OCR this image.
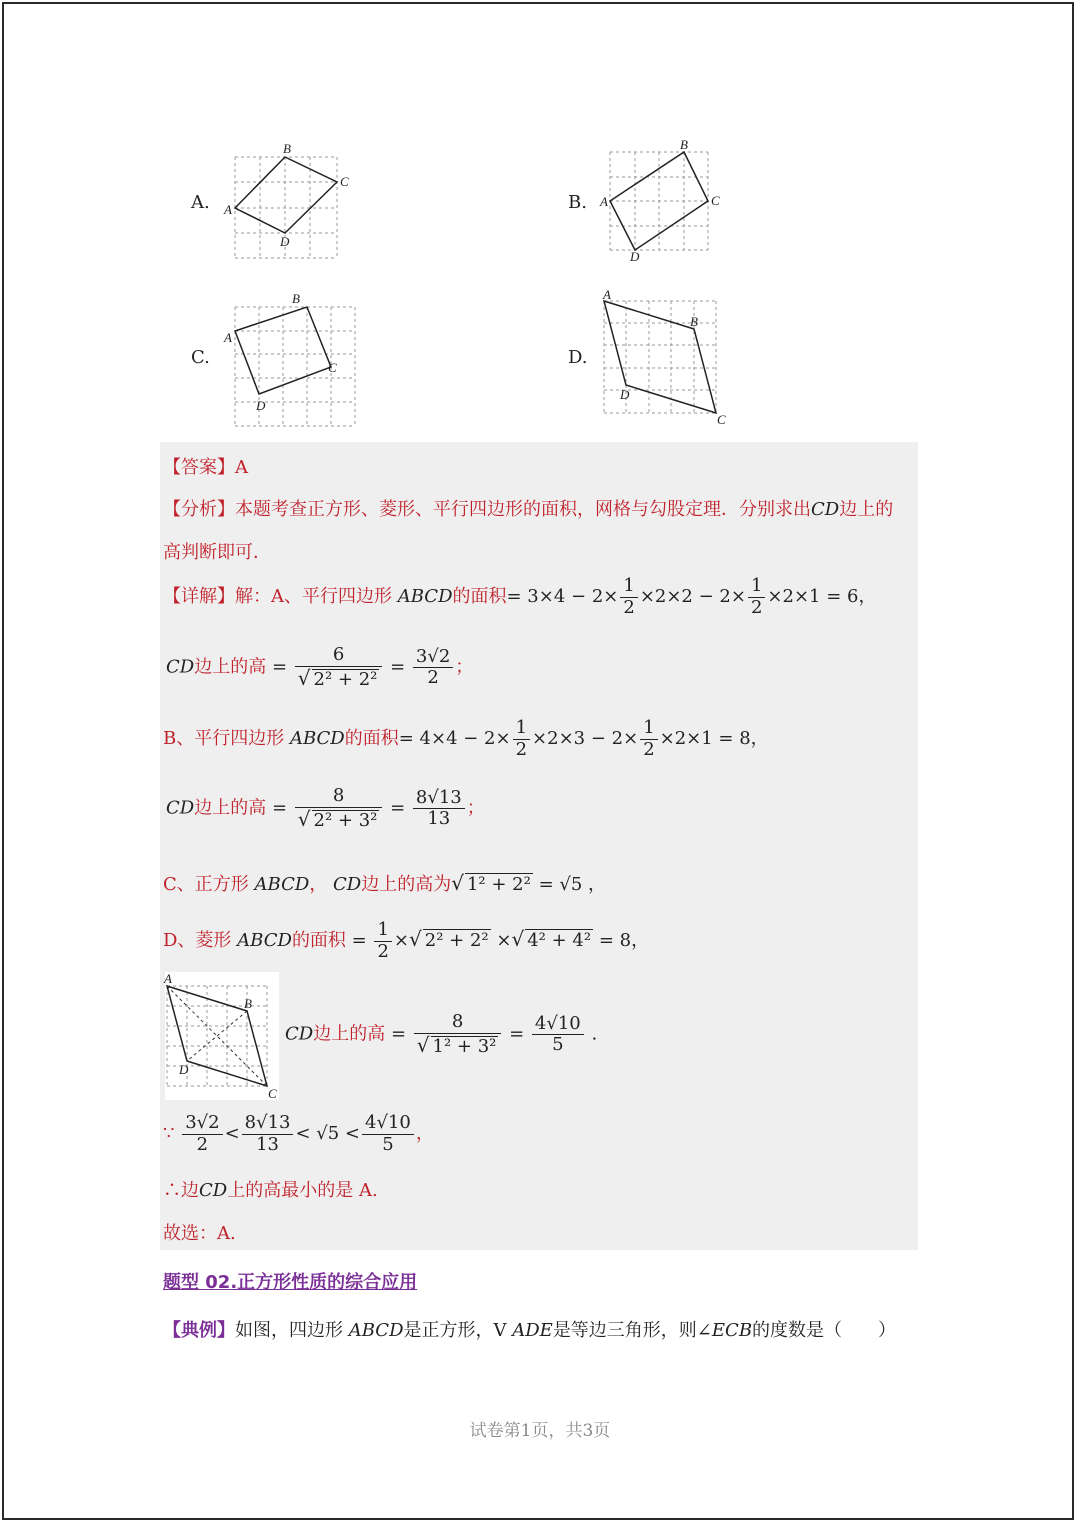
A. A
B
C
D
B. A
B
C
D
C.
A
B
C
D
D.
A
B
C
D
【答案】A
【分析】本题考查正方形、菱形、平行四边形的面积，网格与勾股定理．分别求出CD边上的
高判断即可．
【详解】解：A、平行四边形 ABCD的面积= $3\times 4 - 2\times \frac{1}{2} \times 2\times 2 - 2\times \frac{1}{2} \times 2\times 1 = 6$，
CD边上的高 = $\frac{6}{\text{√ 2² + 2²}} = \frac{3√2}{2}$ ；
B、平行四边形 ABCD的面积= $4\times 4 - 2\times \frac{1}{2} \times 2\times 3 - 2\times \frac{1}{2} \times 2\times 1 = 8$，
CD边上的高 = $\frac{8}{\text{√ 2² + 3²}} = \frac{8√13}{13}$ ；
C、正方形 ABCD， CD边上的高为√ 1² + 2² = √5 ，
D、菱形 ABCD的面积 = $\frac{1}{2}$ ×√ 2² + 2² ×√ 4² + 4² = 8，
A
B
C
D
CD边上的高 = $\frac{8}{\text{√ 1² + 3²}} = \frac{4√10}{5}$ .
∵ $\frac{3√2}{2} < \frac{8√13}{13} < √5 < \frac{4√10}{5}$ ，
∴边CD上的高最小的是 A.
故选：A.
题型 02.正方形性质的综合应用
【典例】如图，四边形 ABCD是正方形，V ADE是等边三角形，则∠ECB的度数是（　　）
试卷第1页，共3页
